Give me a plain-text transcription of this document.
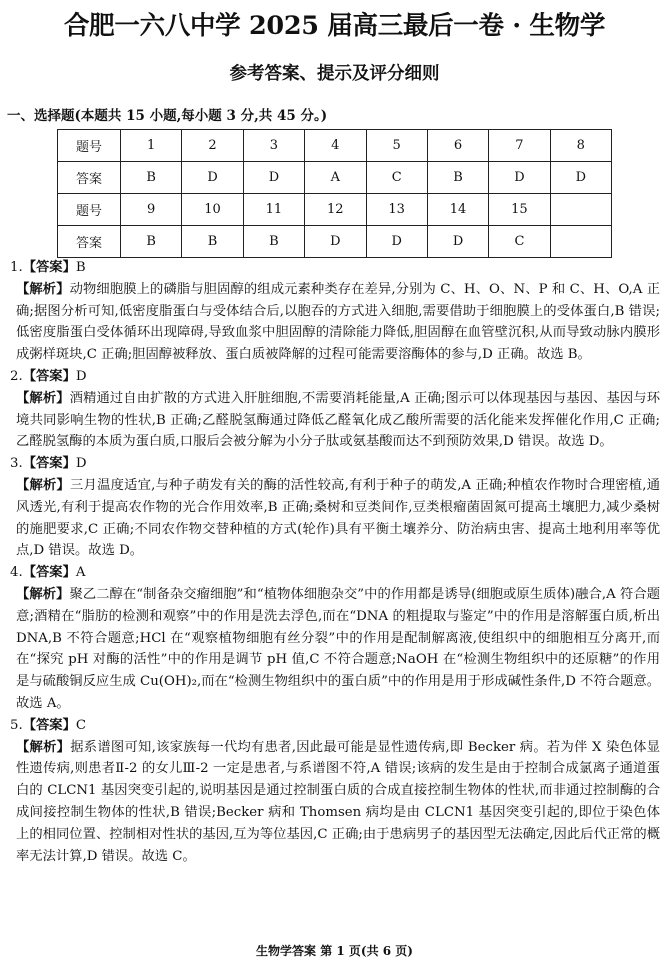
合肥一六八中学 2025 届高三最后一卷 · 生物学
参考答案、提示及评分细则
一、选择题(本题共 15 小题,每小题 3 分,共 45 分。)
题号	1	2	3	4	5	6	7	8
答案	B	D	D	A	C	B	D	D
题号	9	10	11	12	13	14	15	
答案	B	B	B	D	D	D	C	
1.【答案】B
【解析】动物细胞膜上的磷脂与胆固醇的组成元素种类存在差异,分别为 C、H、O、N、P 和 C、H、O,A 正确;据图分析可知,低密度脂蛋白与受体结合后,以胞吞的方式进入细胞,需要借助于细胞膜上的受体蛋白,B 错误;低密度脂蛋白受体循环出现障碍,导致血浆中胆固醇的清除能力降低,胆固醇在血管壁沉积,从而导致动脉内膜形成粥样斑块,C 正确;胆固醇被释放、蛋白质被降解的过程可能需要溶酶体的参与,D 正确。故选 B。
2.【答案】D
【解析】酒精通过自由扩散的方式进入肝脏细胞,不需要消耗能量,A 正确;图示可以体现基因与基因、基因与环境共同影响生物的性状,B 正确;乙醛脱氢酶通过降低乙醛氧化成乙酸所需要的活化能来发挥催化作用,C 正确;乙醛脱氢酶的本质为蛋白质,口服后会被分解为小分子肽或氨基酸而达不到预防效果,D 错误。故选 D。
3.【答案】D
【解析】三月温度适宜,与种子萌发有关的酶的活性较高,有利于种子的萌发,A 正确;种植农作物时合理密植,通风透光,有利于提高农作物的光合作用效率,B 正确;桑树和豆类间作,豆类根瘤菌固氮可提高土壤肥力,减少桑树的施肥要求,C 正确;不同农作物交替种植的方式(轮作)具有平衡土壤养分、防治病虫害、提高土地利用率等优点,D 错误。故选 D。
4.【答案】A
【解析】聚乙二醇在“制备杂交瘤细胞”和“植物体细胞杂交”中的作用都是诱导(细胞或原生质体)融合,A 符合题意;酒精在“脂肪的检测和观察”中的作用是洗去浮色,而在“DNA 的粗提取与鉴定”中的作用是溶解蛋白质,析出 DNA,B 不符合题意;HCl 在“观察植物细胞有丝分裂”中的作用是配制解离液,使组织中的细胞相互分离开,而在“探究 pH 对酶的活性”中的作用是调节 pH 值,C 不符合题意;NaOH 在“检测生物组织中的还原糖”的作用是与硫酸铜反应生成 Cu(OH)₂,而在“检测生物组织中的蛋白质”中的作用是用于形成碱性条件,D 不符合题意。故选 A。
5.【答案】C
【解析】据系谱图可知,该家族每一代均有患者,因此最可能是显性遗传病,即 Becker 病。若为伴 X 染色体显性遗传病,则患者Ⅱ-2 的女儿Ⅲ-2 一定是患者,与系谱图不符,A 错误;该病的发生是由于控制合成氯离子通道蛋白的 CLCN1 基因突变引起的,说明基因是通过控制蛋白质的合成直接控制生物体的性状,而非通过控制酶的合成间接控制生物体的性状,B 错误;Becker 病和 Thomsen 病均是由 CLCN1 基因突变引起的,即位于染色体上的相同位置、控制相对性状的基因,互为等位基因,C 正确;由于患病男子的基因型无法确定,因此后代正常的概率无法计算,D 错误。故选 C。
生物学答案 第 1 页(共 6 页)
